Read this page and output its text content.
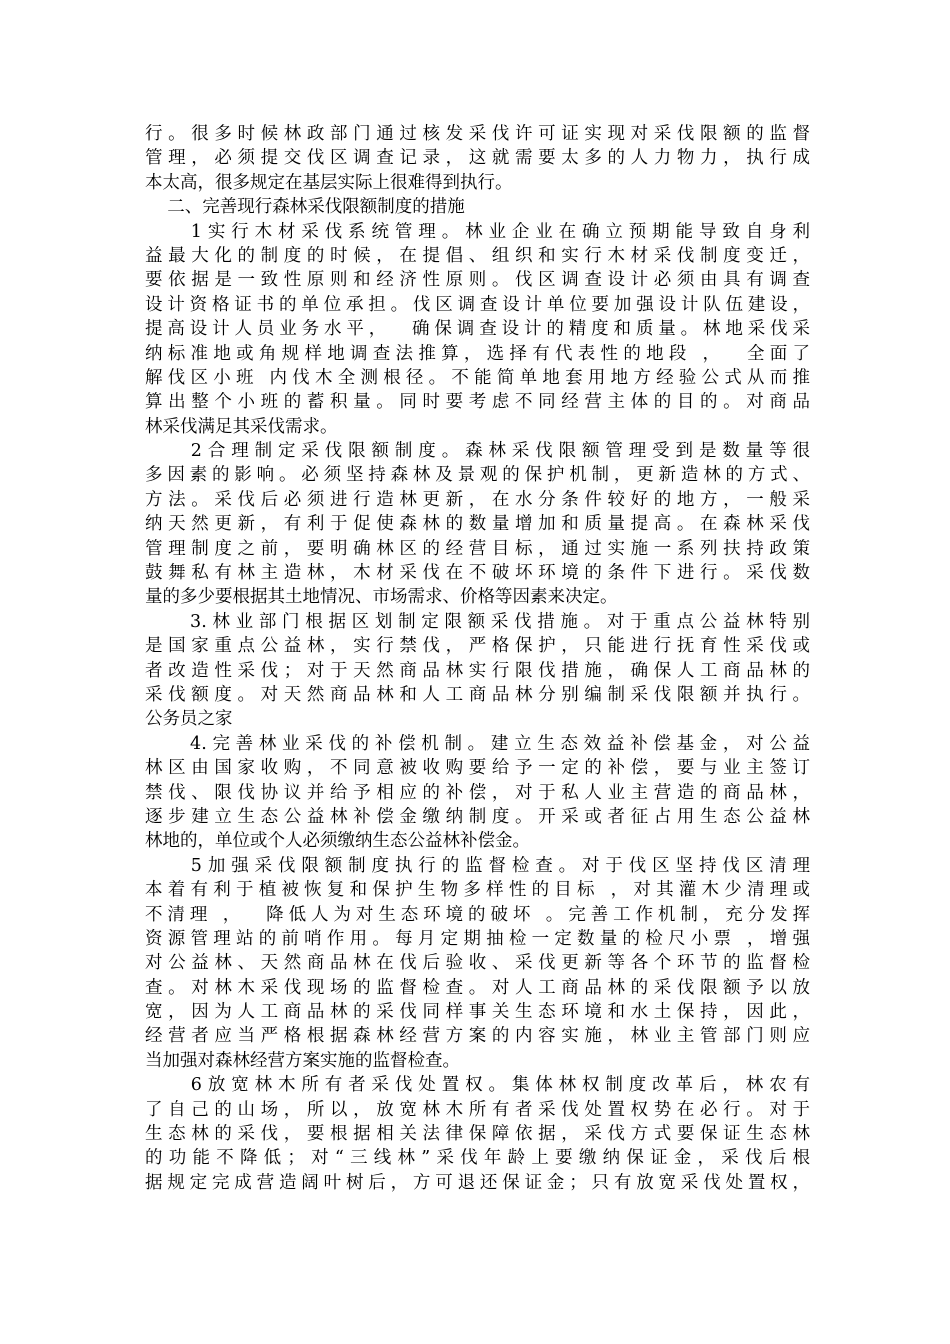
行。很多时候林政部门通过核发采伐许可证实现对采伐限额的监督
管理，必须提交伐区调查记录，这就需要太多的人力物力，执行成
本太高，很多规定在基层实际上很难得到执行。
二、完善现行森林采伐限额制度的措施
1实行木材采伐系统管理。林业企业在确立预期能导致自身利
益最大化的制度的时候，在提倡、组织和实行木材采伐制度变迁，
要依据是一致性原则和经济性原则。伐区调查设计必须由具有调查
设计资格证书的单位承担。伐区调查设计单位要加强设计队伍建设，
提高设计人员业务水平，  确保调查设计的精度和质量。林地采伐采
纳标准地或角规样地调查法推算，选择有代表性的地段 ，  全面了
解伐区小班 内伐木全测根径。不能简单地套用地方经验公式从而推
算出整个小班的蓄积量。同时要考虑不同经营主体的目的。对商品
林采伐满足其采伐需求。
2合理制定采伐限额制度。森林采伐限额管理受到是数量等很
多因素的影响。必须坚持森林及景观的保护机制，更新造林的方式、
方法。采伐后必须进行造林更新，在水分条件较好的地方，一般采
纳天然更新，有利于促使森林的数量增加和质量提高。在森林采伐
管理制度之前，要明确林区的经营目标，通过实施一系列扶持政策
鼓舞私有林主造林，木材采伐在不破坏环境的条件下进行。采伐数
量的多少要根据其土地情况、市场需求、价格等因素来决定。
3.林业部门根据区划制定限额采伐措施。对于重点公益林特别
是国家重点公益林，实行禁伐，严格保护，只能进行抚育性采伐或
者改造性采伐；对于天然商品林实行限伐措施，确保人工商品林的
采伐额度。对天然商品林和人工商品林分别编制采伐限额并执行。
公务员之家
4.完善林业采伐的补偿机制。建立生态效益补偿基金，对公益
林区由国家收购，不同意被收购要给予一定的补偿，要与业主签订
禁伐、限伐协议并给予相应的补偿，对于私人业主营造的商品林，
逐步建立生态公益林补偿金缴纳制度。开采或者征占用生态公益林
林地的，单位或个人必须缴纳生态公益林补偿金。
5加强采伐限额制度执行的监督检查。对于伐区坚持伐区清理
本着有利于植被恢复和保护生物多样性的目标 ，对其灌木少清理或
不清理 ，  降低人为对生态环境的破坏 。完善工作机制，充分发挥
资源管理站的前哨作用。每月定期抽检一定数量的检尺小票 ，增强
对公益林、天然商品林在伐后验收、采伐更新等各个环节的监督检
查。对林木采伐现场的监督检查。对人工商品林的采伐限额予以放
宽，因为人工商品林的采伐同样事关生态环境和水土保持，因此，
经营者应当严格根据森林经营方案的内容实施，林业主管部门则应
当加强对森林经营方案实施的监督检查。
6放宽林木所有者采伐处置权。集体林权制度改革后，林农有
了自己的山场，所以，放宽林木所有者采伐处置权势在必行。对于
生态林的采伐，要根据相关法律保障依据，采伐方式要保证生态林
的功能不降低；对“三线林”采伐年龄上要缴纳保证金，采伐后根
据规定完成营造阔叶树后，方可退还保证金；只有放宽采伐处置权，
